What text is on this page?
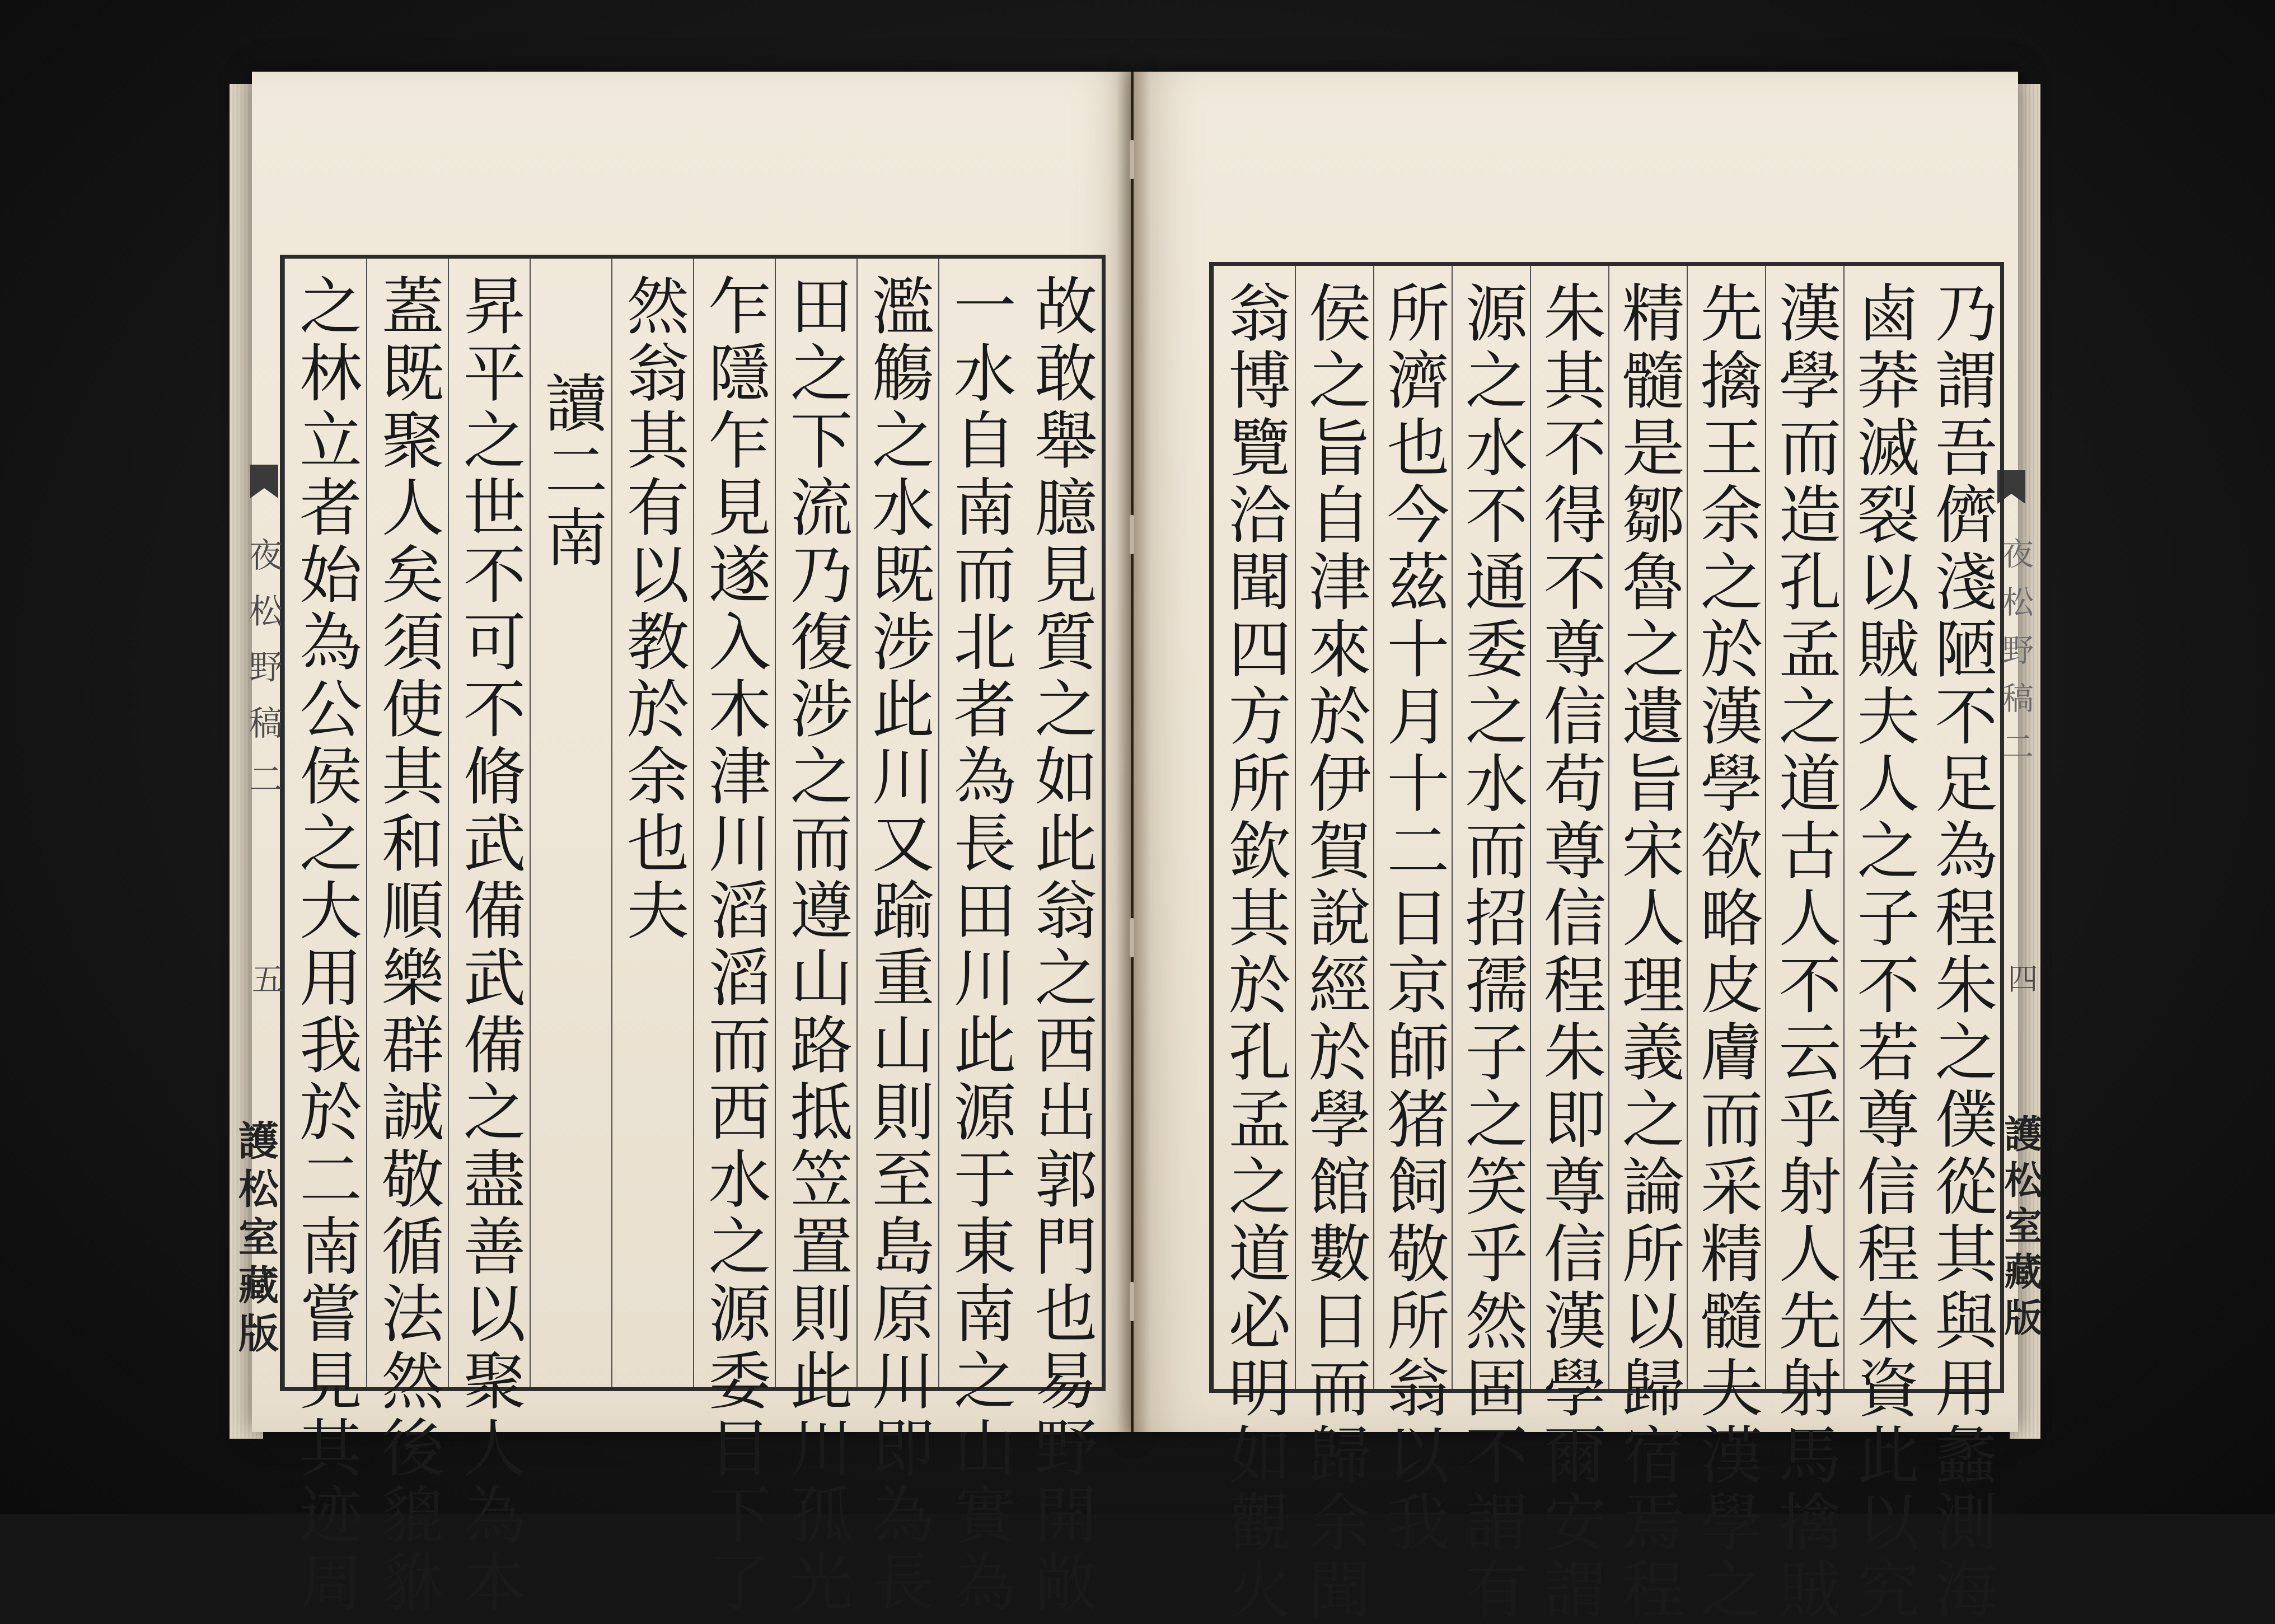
故敢舉臆見質之如此翁之西出郭門也易野開敞
一水自南而北者為長田川此源于東南之山實為
濫觴之水既涉此川又踰重山則至島原川即為長
田之下流乃復涉之而遵山路抵笠置則此川孤光
乍隱乍見遂入木津川滔滔而西水之源委目下了
然翁其有以教於余也夫
讀二南
昇平之世不可不脩武備武備之盡善以聚人為本
蓋既聚人矣須使其和順樂群誠敬循法然後貔貅
之林立者始為公侯之大用我於二南嘗見其迹周	乃謂吾儕淺陋不足為程朱之僕從其與用蠡測海
鹵莽滅裂以賊夫人之子不若尊信程朱資此以究
漢學而造孔孟之道古人不云乎射人先射馬擒賊
先擒王余之於漢學欲略皮膚而采精髓夫漢學之
精髓是鄒魯之遺旨宋人理義之論所以歸宿焉程
朱其不得不尊信苟尊信程朱即尊信漢學爾安謂
源之水不通委之水而招孺子之笑乎然固不謂有
所濟也今茲十月十二日京師猪飼敬所翁以我
侯之旨自津來於伊賀說經於學館數日而歸余聞
翁博覽洽聞四方所欽其於孔孟之道必明如觀火
夜松野稿二
五
護松室藏版
夜松野稿二
四
護松室藏版
